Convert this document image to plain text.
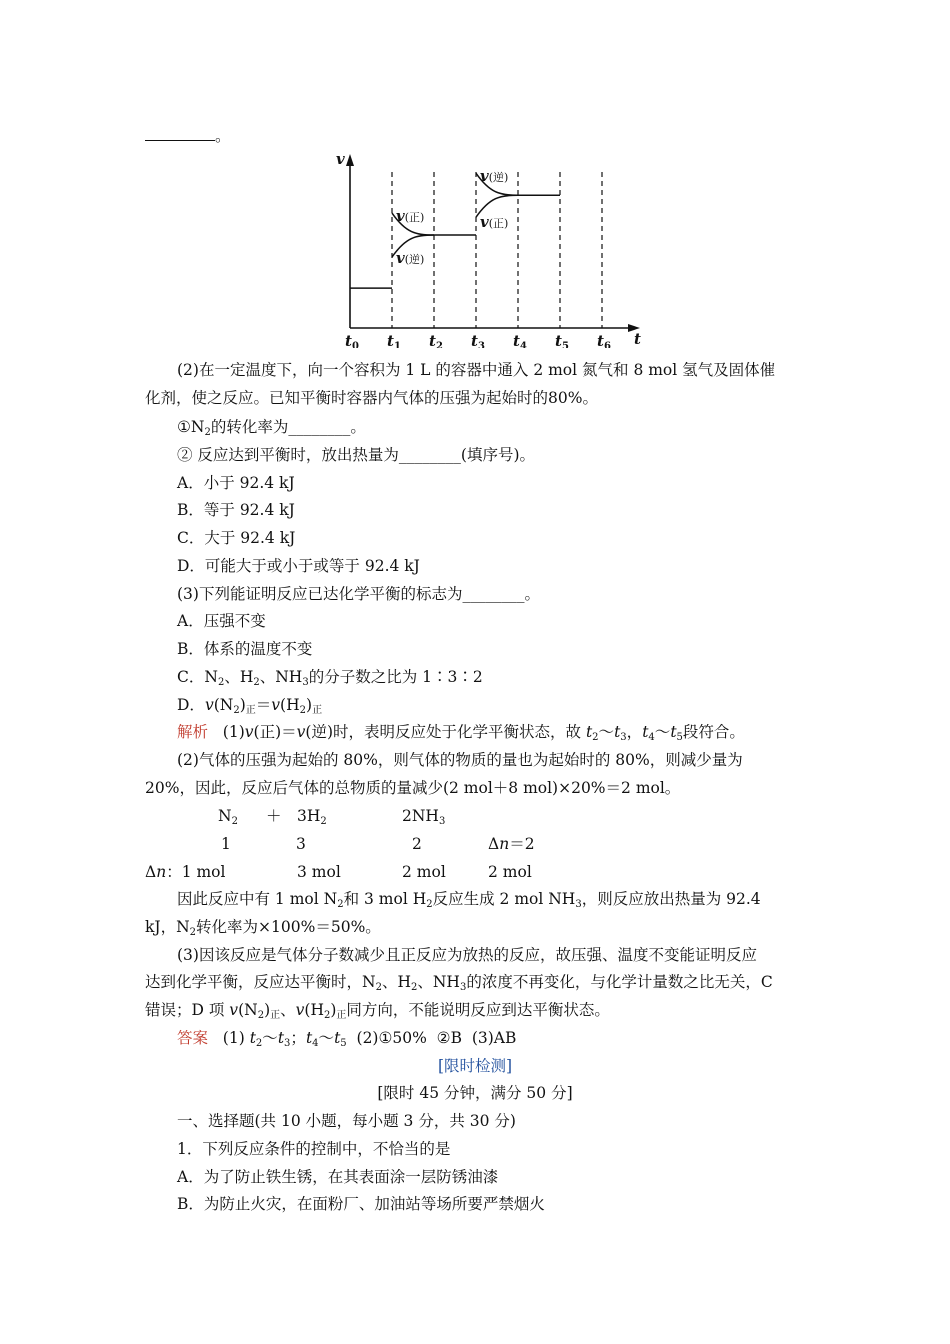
。
v
t
$t_0$ $t_1$ $t_2$ $t_3$ $t_4$ $t_5$ $t_6$
v(正)
v(逆)
v(逆)
v(正)
(2)在一定温度下，向一个容积为 1 L 的容器中通入 2 mol 氮气和 8 mol 氢气及固体催
化剂，使之反应。已知平衡时容器内气体的压强为起始时的80%。
$①N_2$的转化率为________。
② 反应达到平衡时，放出热量为________(填序号)。
A．小于 92.4 kJ
B．等于 92.4 kJ
C．大于 92.4 kJ
D．可能大于或小于或等于 92.4 kJ
(3)下列能证明反应已达化学平衡的标志为________。
A．压强不变
B．体系的温度不变
C．$N_2$、$H_2$、$NH_3$的分子数之比为 1∶3∶2
D．$v(N_2)_正=v(H_2)_正$
解析 (1)v(正)＝v(逆)时，表明反应处于化学平衡状态，故 $t_2\sim t_3$，$t_4\sim t_5$段符合。
(2)气体的压强为起始的 80%，则气体的物质的量也为起始时的 80%，则减少量为
20%，因此，反应后气体的总物质的量减少(2 mol＋8 mol)×20%＝2 mol。
$N_2 + 3H_2$	$2NH_3$
1	3	2	Δn＝2
Δn：1 mol	3 mol	2 mol	2 mol
因此反应中有 1 mol $N_2$和 3 mol $H_2$反应生成 2 mol $NH_3$，则反应放出热量为 92.4
kJ，$N_2$转化率为×100%＝50%。
(3)因该反应是气体分子数减少且正反应为放热的反应，故压强、温度不变能证明反应
达到化学平衡，反应达平衡时，$N_2$、$H_2$、$NH_3$的浓度不再变化，与化学计量数之比无关，C
错误；D 项 $v(N_2)_正$、$v(H_2)_正$同方向，不能说明反应到达平衡状态。
答案 (1) $t_2\sim t_3$；$t_4\sim t_5$  (2)①50%  ②B  (3)AB
[限时检测]
[限时 45 分钟，满分 50 分]
一、选择题(共 10 小题，每小题 3 分，共 30 分)
1．下列反应条件的控制中，不恰当的是
A．为了防止铁生锈，在其表面涂一层防锈油漆
B．为防止火灾，在面粉厂、加油站等场所要严禁烟火
